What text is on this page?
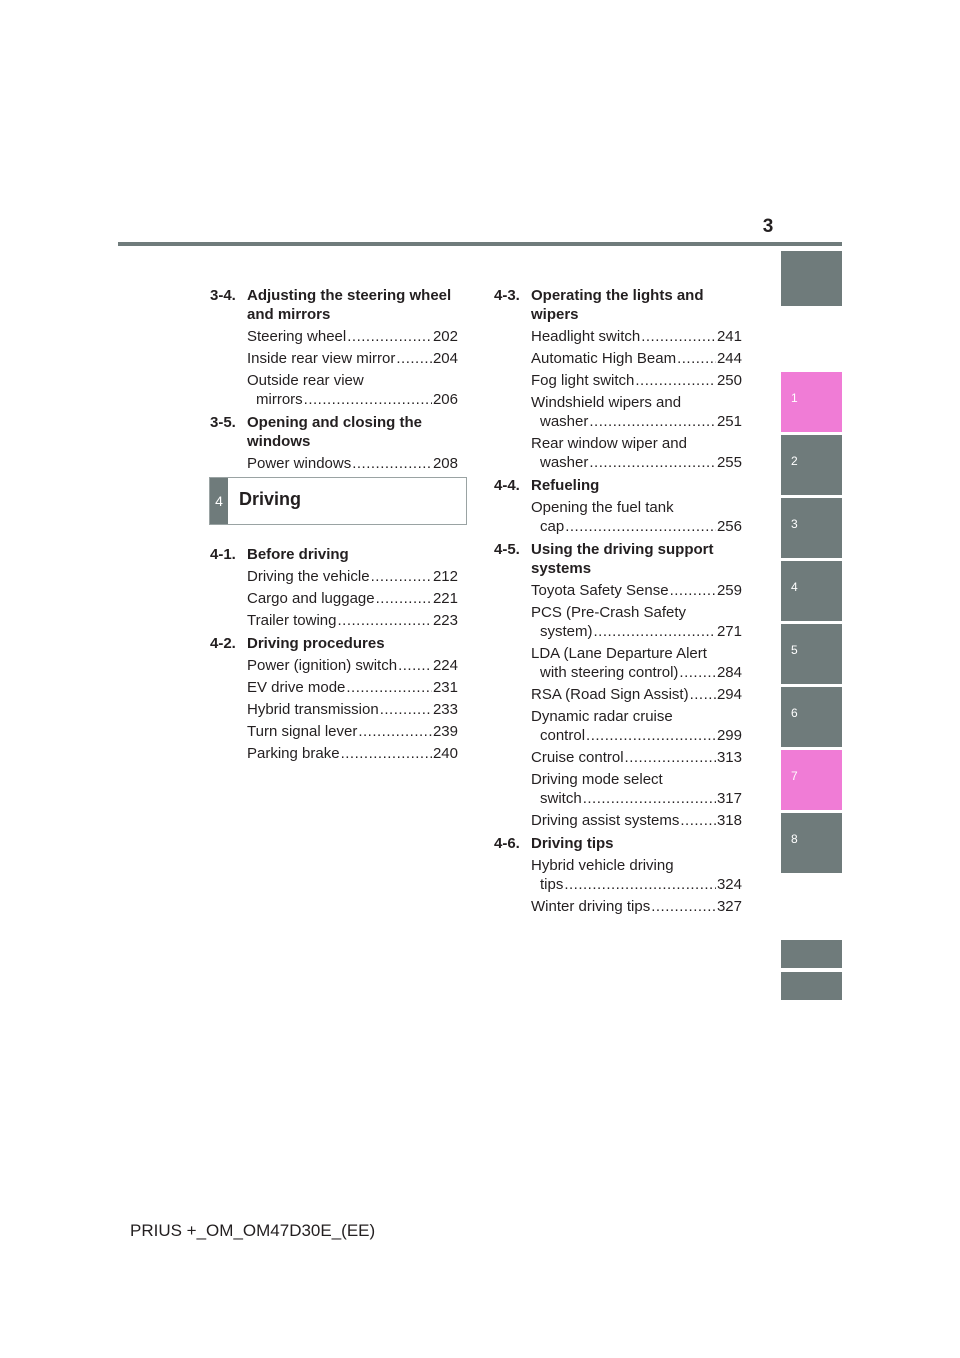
3
3-4. Adjusting the steering wheel and mirrors
Steering wheel .....	202
Inside rear view mirror .....	204
Outside rear view
mirrors .....	206
3-5. Opening and closing the windows
Power windows .....	208
4 Driving
4-1. Before driving
Driving the vehicle .....	212
Cargo and luggage .....	221
Trailer towing .....	223
4-2. Driving procedures
Power (ignition) switch ..... 224
EV drive mode .....	231
Hybrid transmission .....	233
Turn signal lever .....	239
Parking brake .....	240
4-3. Operating the lights and wipers
Headlight switch .....	241
Automatic High Beam .....	244
Fog light switch .....	250
Windshield wipers and
washer .....	251
Rear window wiper and
washer .....	255
4-4. Refueling
Opening the fuel tank
cap .....	256
4-5. Using the driving support systems
Toyota Safety Sense .....	259
PCS (Pre-Crash Safety
system) .....	271
LDA (Lane Departure Alert
with steering control) .....	284
RSA (Road Sign Assist) ..... 294
Dynamic radar cruise
control .....	299
Cruise control .....	313
Driving mode select
switch .....	317
Driving assist systems .....	318
4-6. Driving tips
Hybrid vehicle driving
tips .....	324
Winter driving tips .....	327
1
2
3
4
5
6
7
8
PRIUS +_OM_OM47D30E_(EE)
